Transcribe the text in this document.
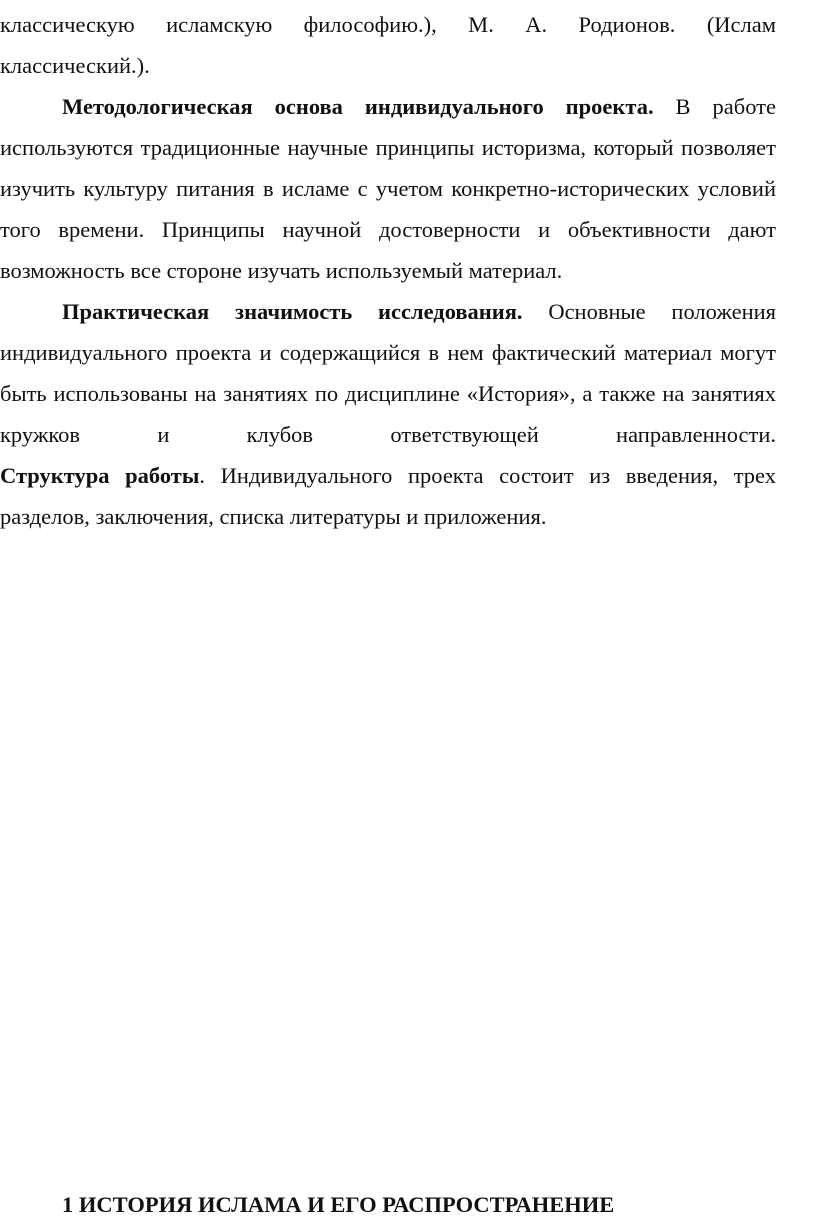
классическую исламскую философию.), М. А. Родионов. (Ислам классический.).

Методологическая основа индивидуального проекта. В работе используются традиционные научные принципы историзма, который позволяет изучить культуру питания в исламе с учетом конкретно-исторических условий того времени. Принципы научной достоверности и объективности дают возможность все стороне изучать используемый материал.

Практическая значимость исследования. Основные положения индивидуального проекта и содержащийся в нем фактический материал могут быть использованы на занятиях по дисциплине «История», а также на занятиях кружков и клубов ответствующей направленности.
Структура работы. Индивидуального проекта состоит из введения, трех разделов, заключения, списка литературы и приложения.

1 ИСТОРИЯ ИСЛАМА И ЕГО РАСПРОСТРАНЕНИЕ
